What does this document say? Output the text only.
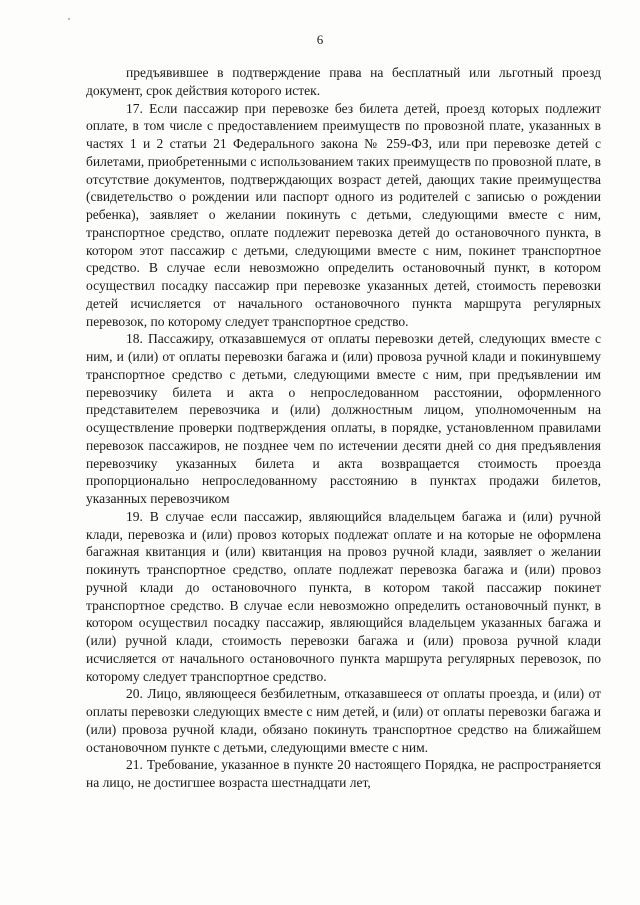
6

предъявившее в подтверждение права на бесплатный или льготный проезд документ, срок действия которого истек.

17. Если пассажир при перевозке без билета детей, проезд которых подлежит оплате, в том числе с предоставлением преимуществ по провозной плате, указанных в частях 1 и 2 статьи 21 Федерального закона № 259-ФЗ, или при перевозке детей с билетами, приобретенными с использованием таких преимуществ по провозной плате, в отсутствие документов, подтверждающих возраст детей, дающих такие преимущества (свидетельство о рождении или паспорт одного из родителей с записью о рождении ребенка), заявляет о желании покинуть с детьми, следующими вместе с ним, транспортное средство, оплате подлежит перевозка детей до остановочного пункта, в котором этот пассажир с детьми, следующими вместе с ним, покинет транспортное средство. В случае если невозможно определить остановочный пункт, в котором осуществил посадку пассажир при перевозке указанных детей, стоимость перевозки детей исчисляется от начального остановочного пункта маршрута регулярных перевозок, по которому следует транспортное средство.

18. Пассажиру, отказавшемуся от оплаты перевозки детей, следующих вместе с ним, и (или) от оплаты перевозки багажа и (или) провоза ручной клади и покинувшему транспортное средство с детьми, следующими вместе с ним, при предъявлении им перевозчику билета и акта о непроследованном расстоянии, оформленного представителем перевозчика и (или) должностным лицом, уполномоченным на осуществление проверки подтверждения оплаты, в порядке, установленном правилами перевозок пассажиров, не позднее чем по истечении десяти дней со дня предъявления перевозчику указанных билета и акта возвращается стоимость проезда пропорционально непроследованному расстоянию в пунктах продажи билетов, указанных перевозчиком

19. В случае если пассажир, являющийся владельцем багажа и (или) ручной клади, перевозка и (или) провоз которых подлежат оплате и на которые не оформлена багажная квитанция и (или) квитанция на провоз ручной клади, заявляет о желании покинуть транспортное средство, оплате подлежат перевозка багажа и (или) провоз ручной клади до остановочного пункта, в котором такой пассажир покинет транспортное средство. В случае если невозможно определить остановочный пункт, в котором осуществил посадку пассажир, являющийся владельцем указанных багажа и (или) ручной клади, стоимость перевозки багажа и (или) провоза ручной клади исчисляется от начального остановочного пункта маршрута регулярных перевозок, по которому следует транспортное средство.

20. Лицо, являющееся безбилетным, отказавшееся от оплаты проезда, и (или) от оплаты перевозки следующих вместе с ним детей, и (или) от оплаты перевозки багажа и (или) провоза ручной клади, обязано покинуть транспортное средство на ближайшем остановочном пункте с детьми, следующими вместе с ним.

21. Требование, указанное в пункте 20 настоящего Порядка, не распространяется на лицо, не достигшее возраста шестнадцати лет,
